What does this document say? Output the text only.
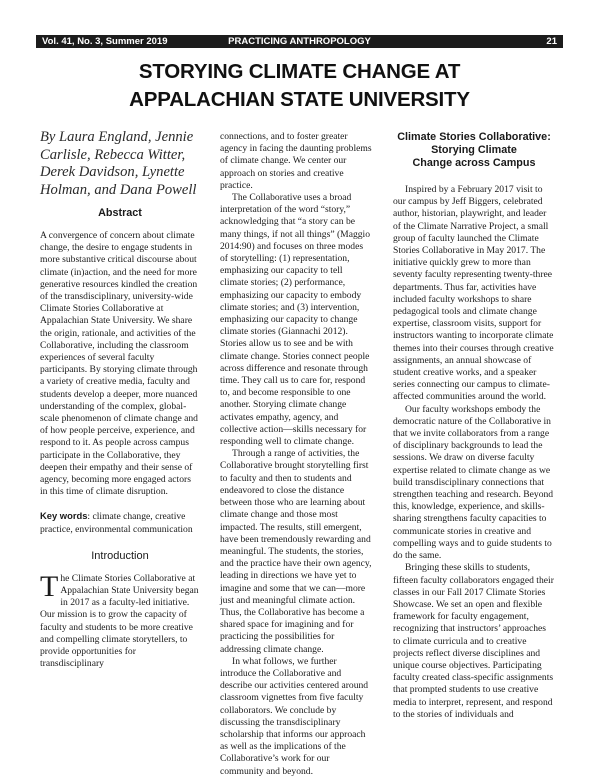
Vol. 41, No. 3, Summer 2019	PRACTICING ANTHROPOLOGY	21
STORYING CLIMATE CHANGE AT
APPALACHIAN STATE UNIVERSITY

By Laura England, Jennie Carlisle, Rebecca Witter, Derek Davidson, Lynette Holman, and Dana Powell

Abstract

A convergence of concern about climate change, the desire to engage students in more substantive critical discourse about climate (in)action, and the need for more generative resources kindled the creation of the transdisciplinary, university-wide Climate Stories Collaborative at Appalachian State University. We share the origin, rationale, and activities of the Collaborative, including the classroom experiences of several faculty participants. By storying climate through a variety of creative media, faculty and students develop a deeper, more nuanced understanding of the complex, global-scale phenomenon of climate change and of how people perceive, experience, and respond to it. As people across campus participate in the Collaborative, they deepen their empathy and their sense of agency, becoming more engaged actors in this time of climate disruption.

Key words: climate change, creative practice, environmental communication

Introduction

The Climate Stories Collaborative at Appalachian State University began in 2017 as a faculty-led initiative. Our mission is to grow the capacity of faculty and students to be more creative and compelling climate storytellers, to provide opportunities for transdisciplinary

connections, and to foster greater agency in facing the daunting problems of climate change. We center our approach on stories and creative practice.

The Collaborative uses a broad interpretation of the word “story,” acknowledging that “a story can be many things, if not all things” (Maggio 2014:90) and focuses on three modes of storytelling: (1) representation, emphasizing our capacity to tell climate stories; (2) performance, emphasizing our capacity to embody climate stories; and (3) intervention, emphasizing our capacity to change climate stories (Giannachi 2012). Stories allow us to see and be with climate change. Stories connect people across difference and resonate through time. They call us to care for, respond to, and become responsible to one another. Storying climate change activates empathy, agency, and collective action—skills necessary for responding well to climate change.

Through a range of activities, the Collaborative brought storytelling first to faculty and then to students and endeavored to close the distance between those who are learning about climate change and those most impacted. The results, still emergent, have been tremendously rewarding and meaningful. The students, the stories, and the practice have their own agency, leading in directions we have yet to imagine and some that we can—more just and meaningful climate action. Thus, the Collaborative has become a shared space for imagining and for practicing the possibilities for addressing climate change.

In what follows, we further introduce the Collaborative and describe our activities centered around classroom vignettes from five faculty collaborators. We conclude by discussing the transdisciplinary scholarship that informs our approach as well as the implications of the Collaborative’s work for our community and beyond.

Climate Stories Collaborative:
Storying Climate
Change across Campus

Inspired by a February 2017 visit to our campus by Jeff Biggers, celebrated author, historian, playwright, and leader of the Climate Narrative Project, a small group of faculty launched the Climate Stories Collaborative in May 2017. The initiative quickly grew to more than seventy faculty representing twenty-three departments. Thus far, activities have included faculty workshops to share pedagogical tools and climate change expertise, classroom visits, support for instructors wanting to incorporate climate themes into their courses through creative assignments, an annual showcase of student creative works, and a speaker series connecting our campus to climate-affected communities around the world.

Our faculty workshops embody the democratic nature of the Collaborative in that we invite collaborators from a range of disciplinary backgrounds to lead the sessions. We draw on diverse faculty expertise related to climate change as we build transdisciplinary connections that strengthen teaching and research. Beyond this, knowledge, experience, and skills-sharing strengthens faculty capacities to communicate stories in creative and compelling ways and to guide students to do the same.

Bringing these skills to students, fifteen faculty collaborators engaged their classes in our Fall 2017 Climate Stories Showcase. We set an open and flexible framework for faculty engagement, recognizing that instructors’ approaches to climate curricula and to creative projects reflect diverse disciplines and unique course objectives. Participating faculty created class-specific assignments that prompted students to use creative media to interpret, represent, and respond to the stories of individuals and
